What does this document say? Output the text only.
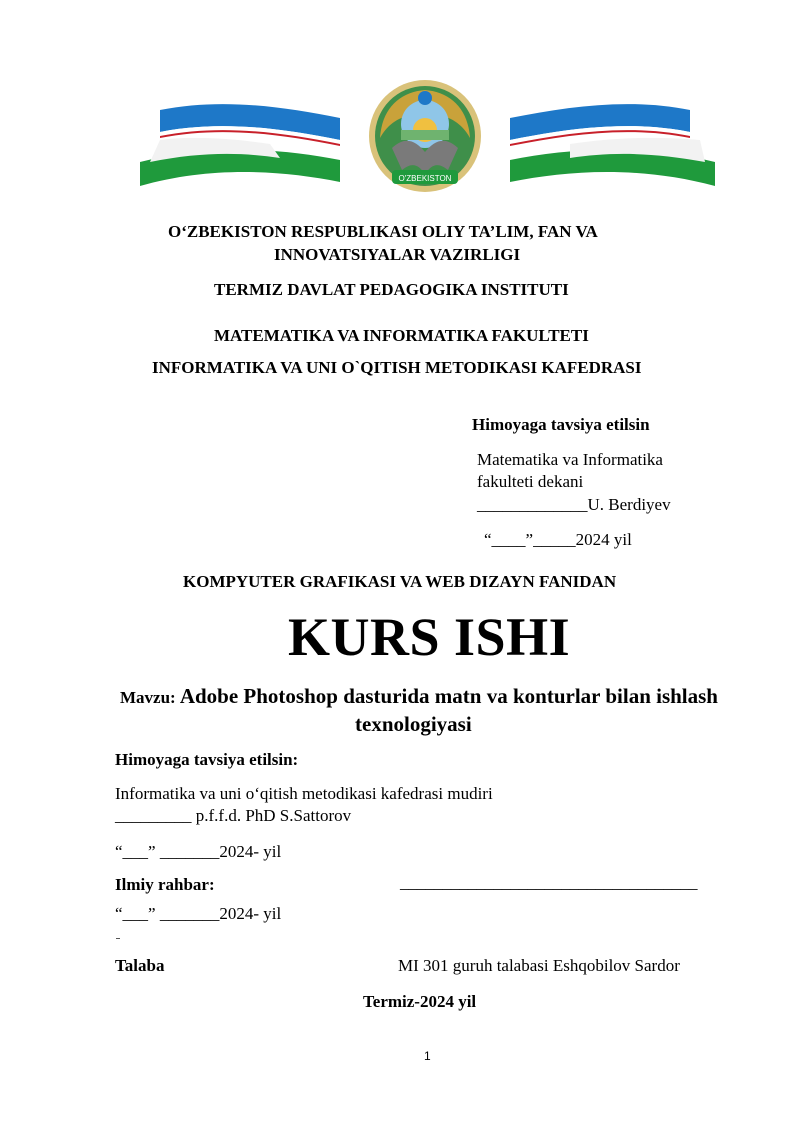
O'ZBEKISTON
O‘ZBEKISTON RESPUBLIKASI OLIY TA’LIM, FAN VA
INNOVATSIYALAR VAZIRLIGI
TERMIZ DAVLAT PEDAGOGIKA INSTITUTI
MATEMATIKA VA INFORMATIKA FAKULTETI
INFORMATIKA VA UNI O`QITISH METODIKASI KAFEDRASI
Himoyaga tavsiya etilsin
Matematika va Informatika
fakulteti dekani
_____________U. Berdiyev
“____”_____2024 yil
KOMPYUTER GRAFIKASI VA WEB DIZAYN FANIDAN
KURS ISHI
Mavzu: Adobe Photoshop dasturida matn va konturlar bilan ishlash
texnologiyasi
Himoyaga tavsiya etilsin:
Informatika va uni o‘qitish metodikasi kafedrasi mudiri
_________ p.f.f.d. PhD S.Sattorov
“___” _______2024- yil
Ilmiy rahbar:	___________________________________
“___” _______2024- yil
Talaba	MI 301 guruh talabasi Eshqobilov Sardor
Termiz-2024 yil
1
